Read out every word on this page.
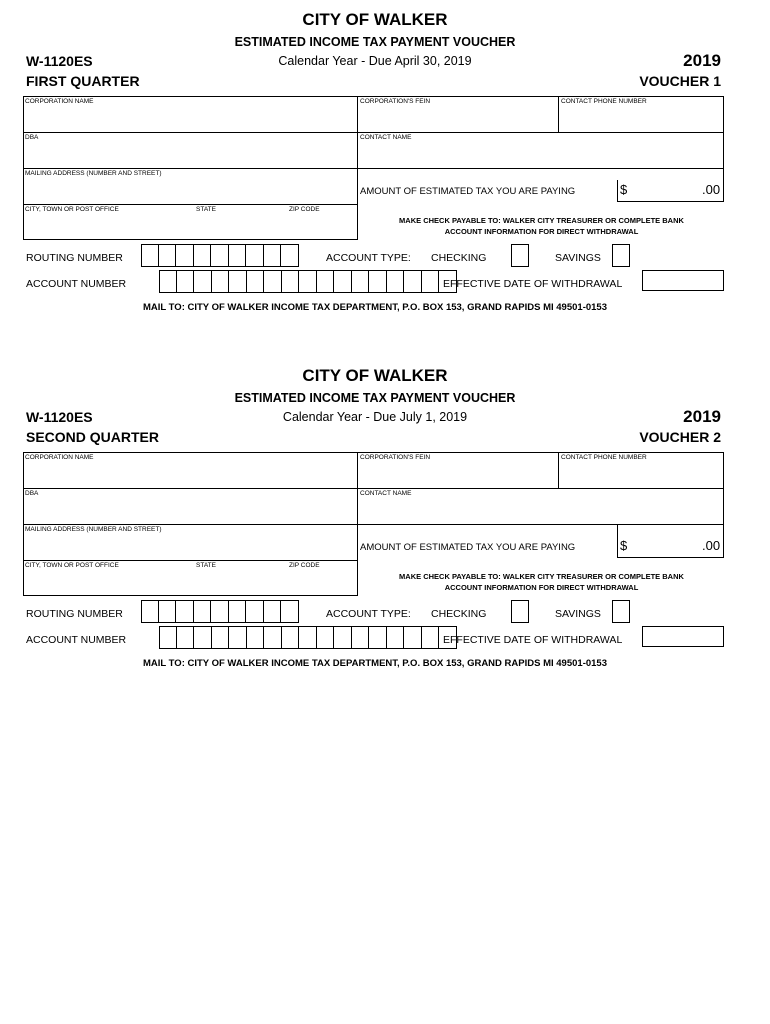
CITY OF WALKER
ESTIMATED INCOME TAX PAYMENT VOUCHER
Calendar Year - Due April 30, 2019
W-1120ES
FIRST QUARTER
2019
VOUCHER 1
CORPORATION NAME	CORPORATION'S FEIN	CONTACT PHONE NUMBER
DBA	CONTACT NAME
MAILING ADDRESS (NUMBER AND STREET)
CITY, TOWN OR POST OFFICE	STATE	ZIP CODE
AMOUNT OF ESTIMATED TAX YOU ARE PAYING	$	.00
MAKE CHECK PAYABLE TO: WALKER CITY TREASURER OR COMPLETE BANK
ACCOUNT INFORMATION FOR DIRECT WITHDRAWAL
ROUTING NUMBER	ACCOUNT TYPE: CHECKING	SAVINGS
ACCOUNT NUMBER	EFFECTIVE DATE OF WITHDRAWAL
MAIL TO: CITY OF WALKER INCOME TAX DEPARTMENT, P.O. BOX 153, GRAND RAPIDS MI 49501-0153
CITY OF WALKER
ESTIMATED INCOME TAX PAYMENT VOUCHER
Calendar Year - Due July 1, 2019
W-1120ES
SECOND QUARTER
2019
VOUCHER 2
CORPORATION NAME	CORPORATION'S FEIN	CONTACT PHONE NUMBER
DBA	CONTACT NAME
MAILING ADDRESS (NUMBER AND STREET)
CITY, TOWN OR POST OFFICE	STATE	ZIP CODE
AMOUNT OF ESTIMATED TAX YOU ARE PAYING	$	.00
MAKE CHECK PAYABLE TO: WALKER CITY TREASURER OR COMPLETE BANK
ACCOUNT INFORMATION FOR DIRECT WITHDRAWAL
ROUTING NUMBER	ACCOUNT TYPE: CHECKING	SAVINGS
ACCOUNT NUMBER	EFFECTIVE DATE OF WITHDRAWAL
MAIL TO: CITY OF WALKER INCOME TAX DEPARTMENT, P.O. BOX 153, GRAND RAPIDS MI 49501-0153
